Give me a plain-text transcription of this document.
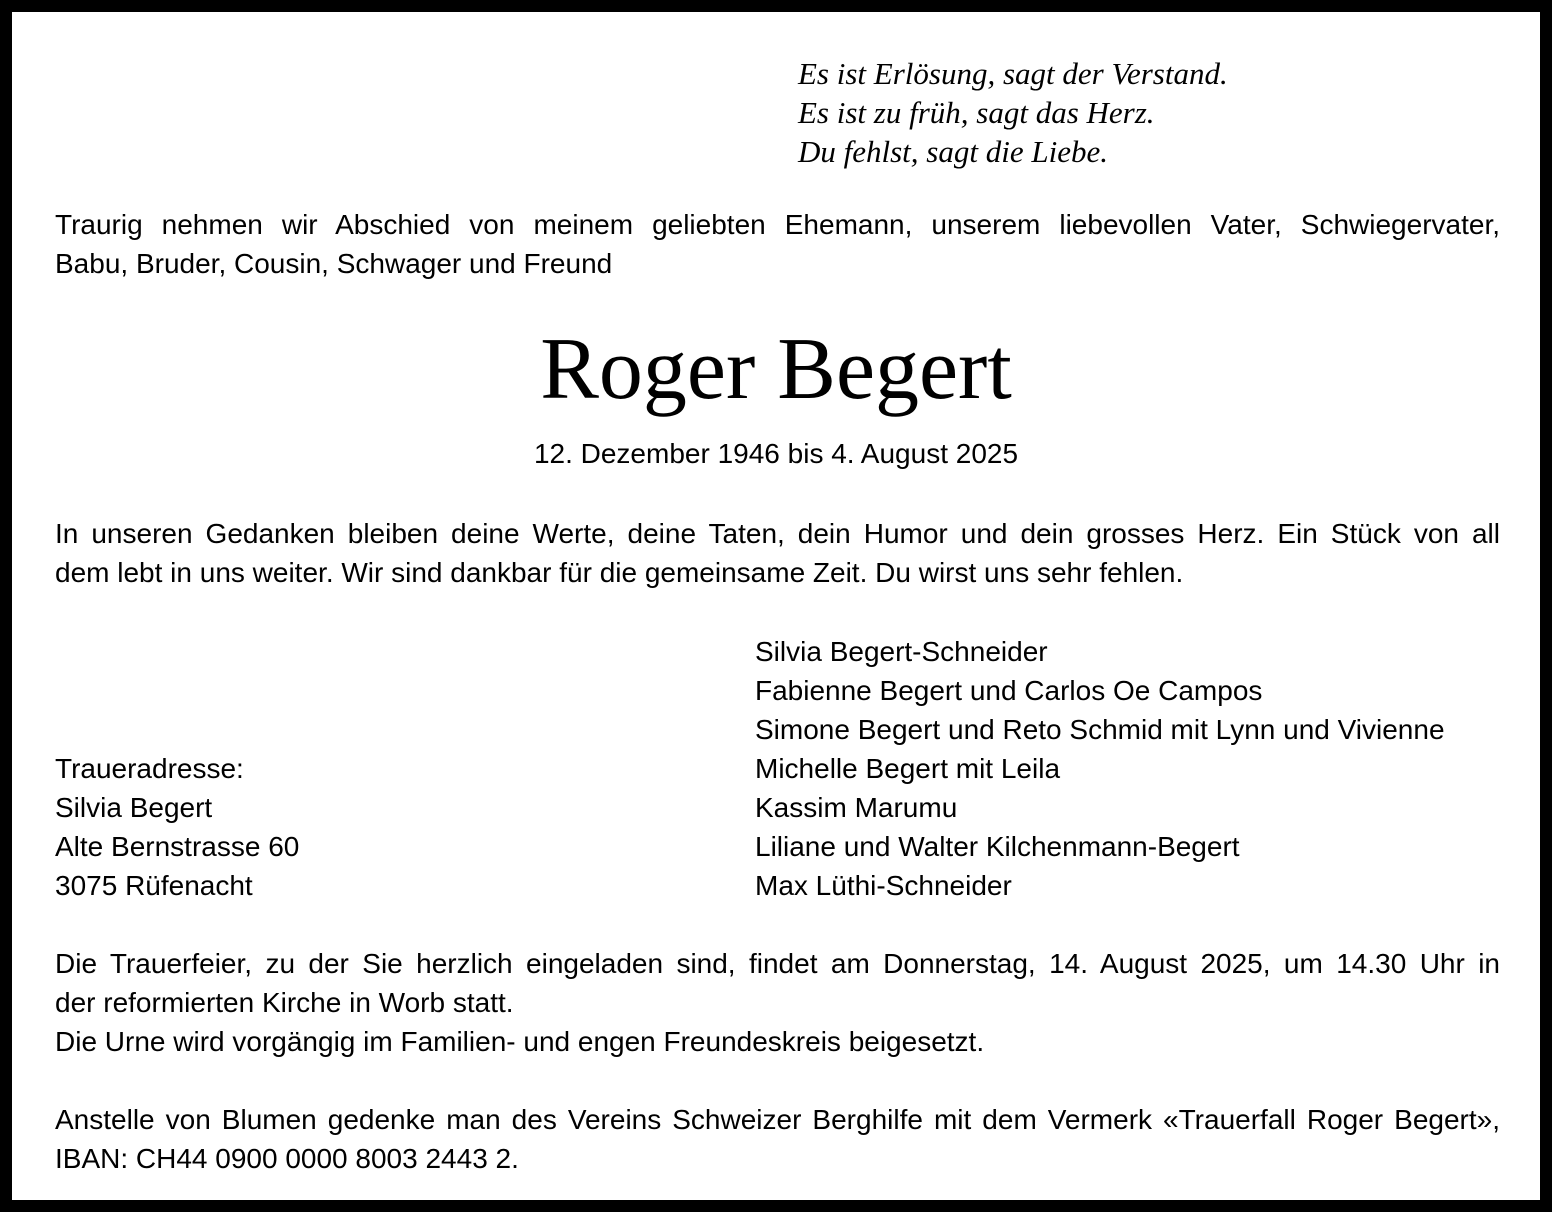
Es ist Erlösung, sagt der Verstand.
Es ist zu früh, sagt das Herz.
Du fehlst, sagt die Liebe.
Traurig nehmen wir Abschied von meinem geliebten Ehemann, unserem liebevollen Vater, Schwiegervater,
Babu, Bruder, Cousin, Schwager und Freund
Roger Begert
12. Dezember 1946 bis 4. August 2025
In unseren Gedanken bleiben deine Werte, deine Taten, dein Humor und dein grosses Herz. Ein Stück von all
dem lebt in uns weiter. Wir sind dankbar für die gemeinsame Zeit. Du wirst uns sehr fehlen.
Silvia Begert-Schneider
Fabienne Begert und Carlos Oe Campos
Simone Begert und Reto Schmid mit Lynn und Vivienne
Michelle Begert mit Leila
Kassim Marumu
Liliane und Walter Kilchenmann-Begert
Max Lüthi-Schneider
Traueradresse:
Silvia Begert
Alte Bernstrasse 60
3075 Rüfenacht
Die Trauerfeier, zu der Sie herzlich eingeladen sind, findet am Donnerstag, 14. August 2025, um 14.30 Uhr in
der reformierten Kirche in Worb statt.
Die Urne wird vorgängig im Familien- und engen Freundeskreis beigesetzt.
Anstelle von Blumen gedenke man des Vereins Schweizer Berghilfe mit dem Vermerk «Trauerfall Roger Begert»,
IBAN: CH44 0900 0000 8003 2443 2.
